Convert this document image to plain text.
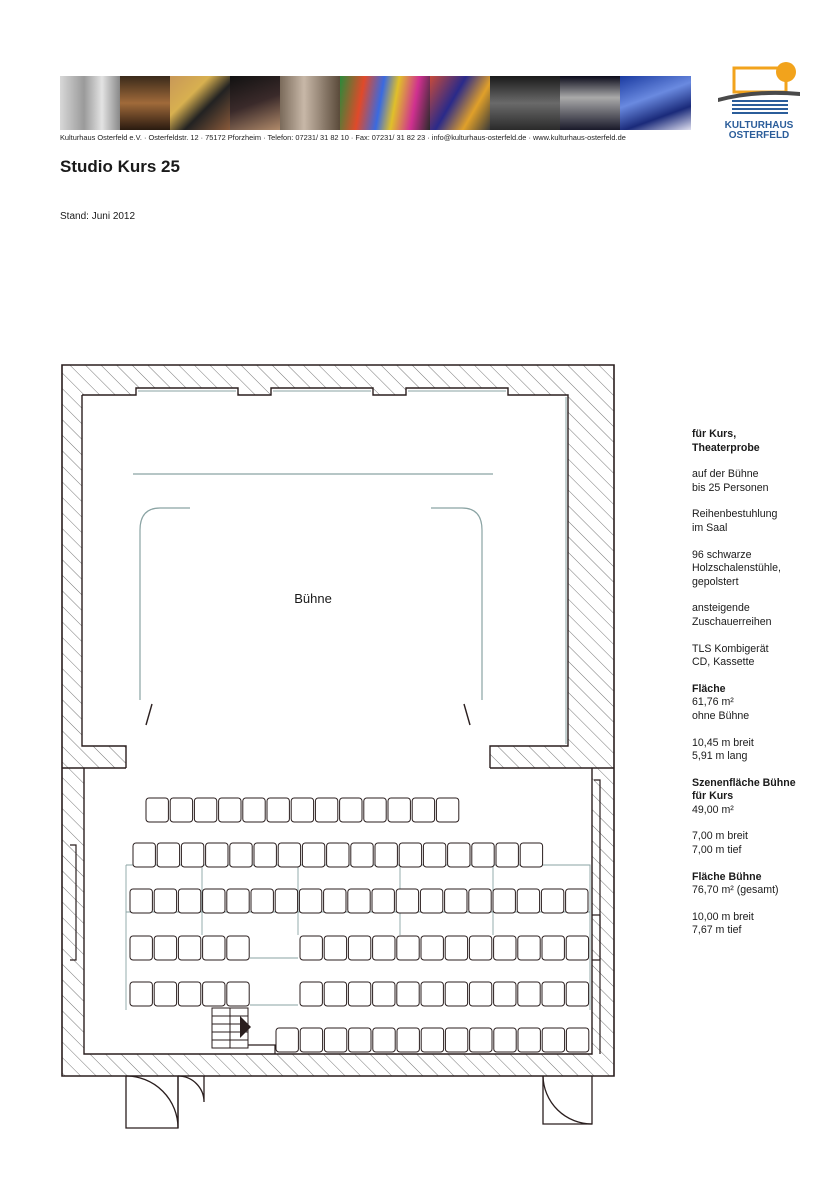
Kulturhaus Osterfeld e.V. · Osterfeldstr. 12 · 75172 Pforzheim · Telefon: 07231/ 31 82 10 · Fax: 07231/ 31 82 23 · info@kulturhaus-osterfeld.de · www.kulturhaus-osterfeld.de
KULTURHAUS
OSTERFELD
Studio Kurs 25
Stand: Juni 2012
Bühne

für Kurs,
Theaterprobe

auf der Bühne
bis 25 Personen

Reihenbestuhlung
im Saal

96 schwarze
Holzschalenstühle,
gepolstert

ansteigende
Zuschauerreihen

TLS Kombigerät
CD, Kassette

Fläche
61,76 m²
ohne Bühne

10,45 m breit
5,91 m lang

Szenenfläche Bühne
für Kurs
49,00 m²

7,00 m breit
7,00 m tief

Fläche Bühne
76,70 m² (gesamt)

10,00 m breit
7,67 m tief
